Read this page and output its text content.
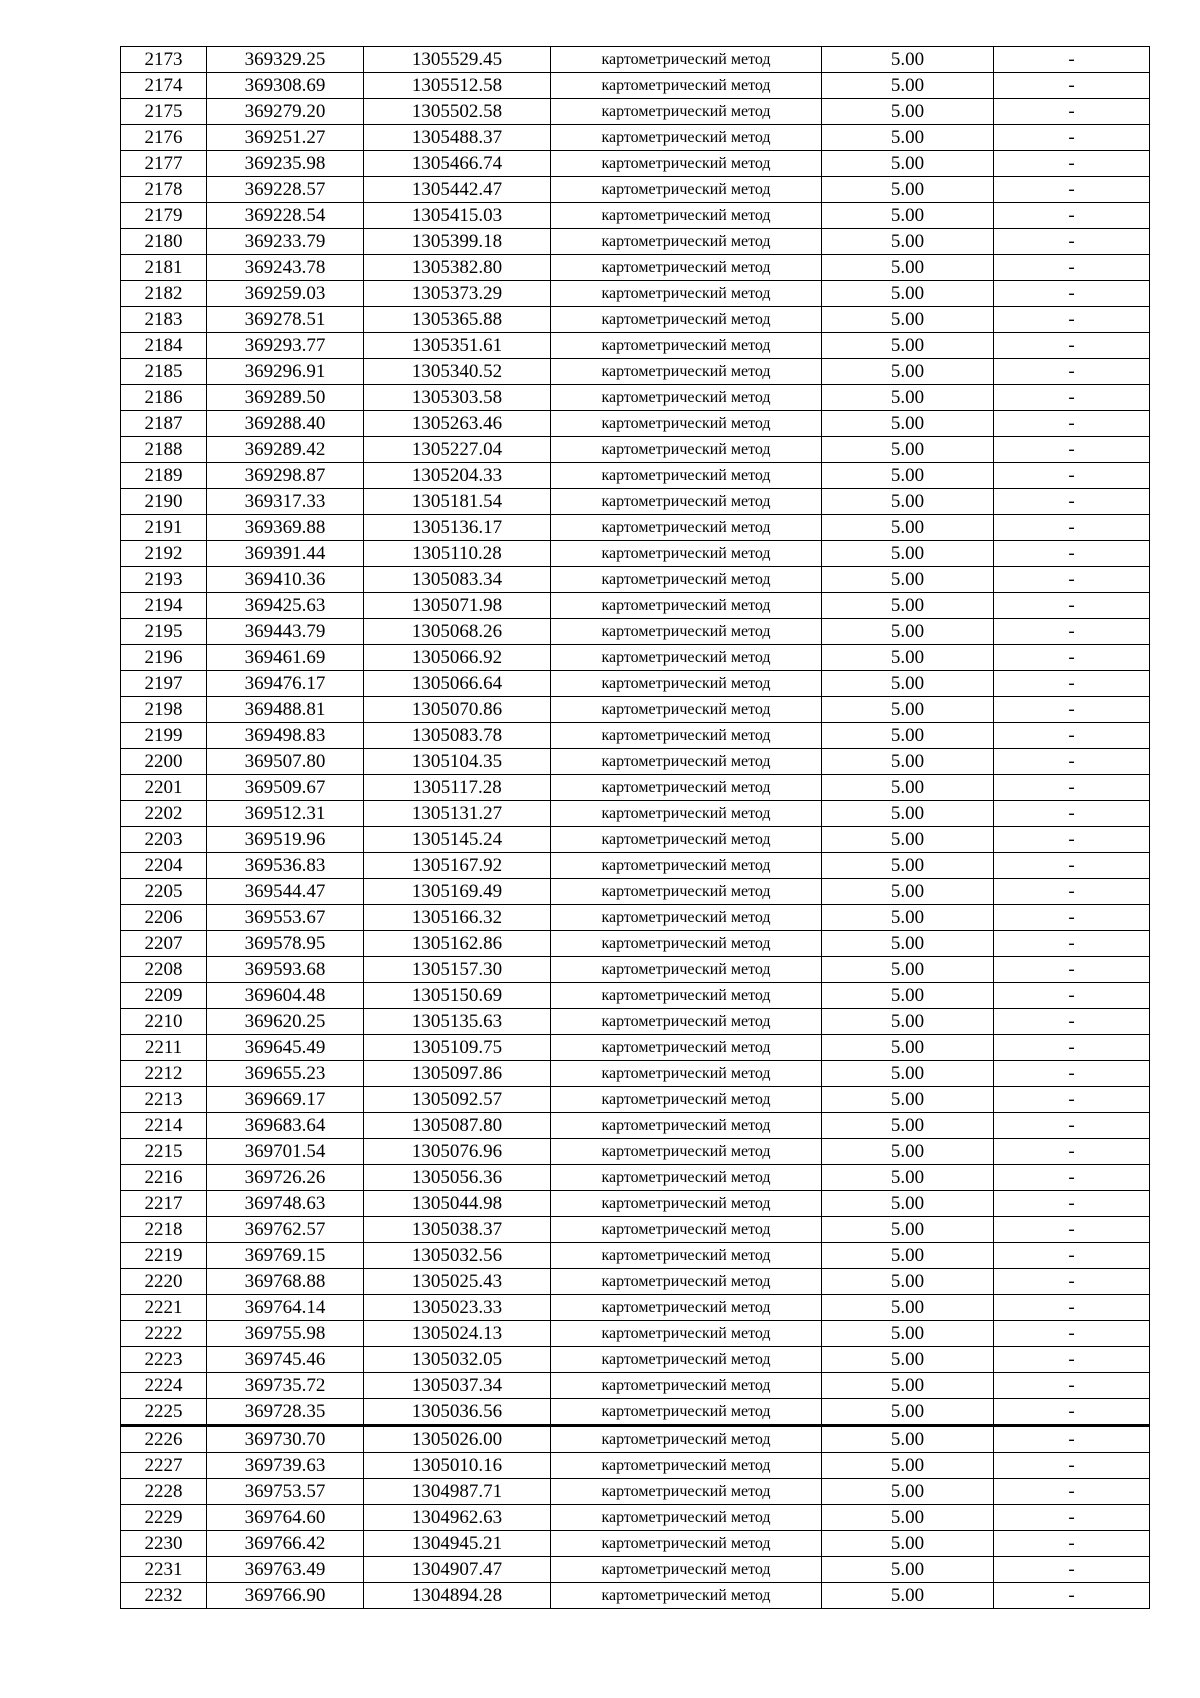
2173	369329.25	1305529.45	картометрический метод	5.00	-
2174	369308.69	1305512.58	картометрический метод	5.00	-
2175	369279.20	1305502.58	картометрический метод	5.00	-
2176	369251.27	1305488.37	картометрический метод	5.00	-
2177	369235.98	1305466.74	картометрический метод	5.00	-
2178	369228.57	1305442.47	картометрический метод	5.00	-
2179	369228.54	1305415.03	картометрический метод	5.00	-
2180	369233.79	1305399.18	картометрический метод	5.00	-
2181	369243.78	1305382.80	картометрический метод	5.00	-
2182	369259.03	1305373.29	картометрический метод	5.00	-
2183	369278.51	1305365.88	картометрический метод	5.00	-
2184	369293.77	1305351.61	картометрический метод	5.00	-
2185	369296.91	1305340.52	картометрический метод	5.00	-
2186	369289.50	1305303.58	картометрический метод	5.00	-
2187	369288.40	1305263.46	картометрический метод	5.00	-
2188	369289.42	1305227.04	картометрический метод	5.00	-
2189	369298.87	1305204.33	картометрический метод	5.00	-
2190	369317.33	1305181.54	картометрический метод	5.00	-
2191	369369.88	1305136.17	картометрический метод	5.00	-
2192	369391.44	1305110.28	картометрический метод	5.00	-
2193	369410.36	1305083.34	картометрический метод	5.00	-
2194	369425.63	1305071.98	картометрический метод	5.00	-
2195	369443.79	1305068.26	картометрический метод	5.00	-
2196	369461.69	1305066.92	картометрический метод	5.00	-
2197	369476.17	1305066.64	картометрический метод	5.00	-
2198	369488.81	1305070.86	картометрический метод	5.00	-
2199	369498.83	1305083.78	картометрический метод	5.00	-
2200	369507.80	1305104.35	картометрический метод	5.00	-
2201	369509.67	1305117.28	картометрический метод	5.00	-
2202	369512.31	1305131.27	картометрический метод	5.00	-
2203	369519.96	1305145.24	картометрический метод	5.00	-
2204	369536.83	1305167.92	картометрический метод	5.00	-
2205	369544.47	1305169.49	картометрический метод	5.00	-
2206	369553.67	1305166.32	картометрический метод	5.00	-
2207	369578.95	1305162.86	картометрический метод	5.00	-
2208	369593.68	1305157.30	картометрический метод	5.00	-
2209	369604.48	1305150.69	картометрический метод	5.00	-
2210	369620.25	1305135.63	картометрический метод	5.00	-
2211	369645.49	1305109.75	картометрический метод	5.00	-
2212	369655.23	1305097.86	картометрический метод	5.00	-
2213	369669.17	1305092.57	картометрический метод	5.00	-
2214	369683.64	1305087.80	картометрический метод	5.00	-
2215	369701.54	1305076.96	картометрический метод	5.00	-
2216	369726.26	1305056.36	картометрический метод	5.00	-
2217	369748.63	1305044.98	картометрический метод	5.00	-
2218	369762.57	1305038.37	картометрический метод	5.00	-
2219	369769.15	1305032.56	картометрический метод	5.00	-
2220	369768.88	1305025.43	картометрический метод	5.00	-
2221	369764.14	1305023.33	картометрический метод	5.00	-
2222	369755.98	1305024.13	картометрический метод	5.00	-
2223	369745.46	1305032.05	картометрический метод	5.00	-
2224	369735.72	1305037.34	картометрический метод	5.00	-
2225	369728.35	1305036.56	картометрический метод	5.00	-
2226	369730.70	1305026.00	картометрический метод	5.00	-
2227	369739.63	1305010.16	картометрический метод	5.00	-
2228	369753.57	1304987.71	картометрический метод	5.00	-
2229	369764.60	1304962.63	картометрический метод	5.00	-
2230	369766.42	1304945.21	картометрический метод	5.00	-
2231	369763.49	1304907.47	картометрический метод	5.00	-
2232	369766.90	1304894.28	картометрический метод	5.00	-
